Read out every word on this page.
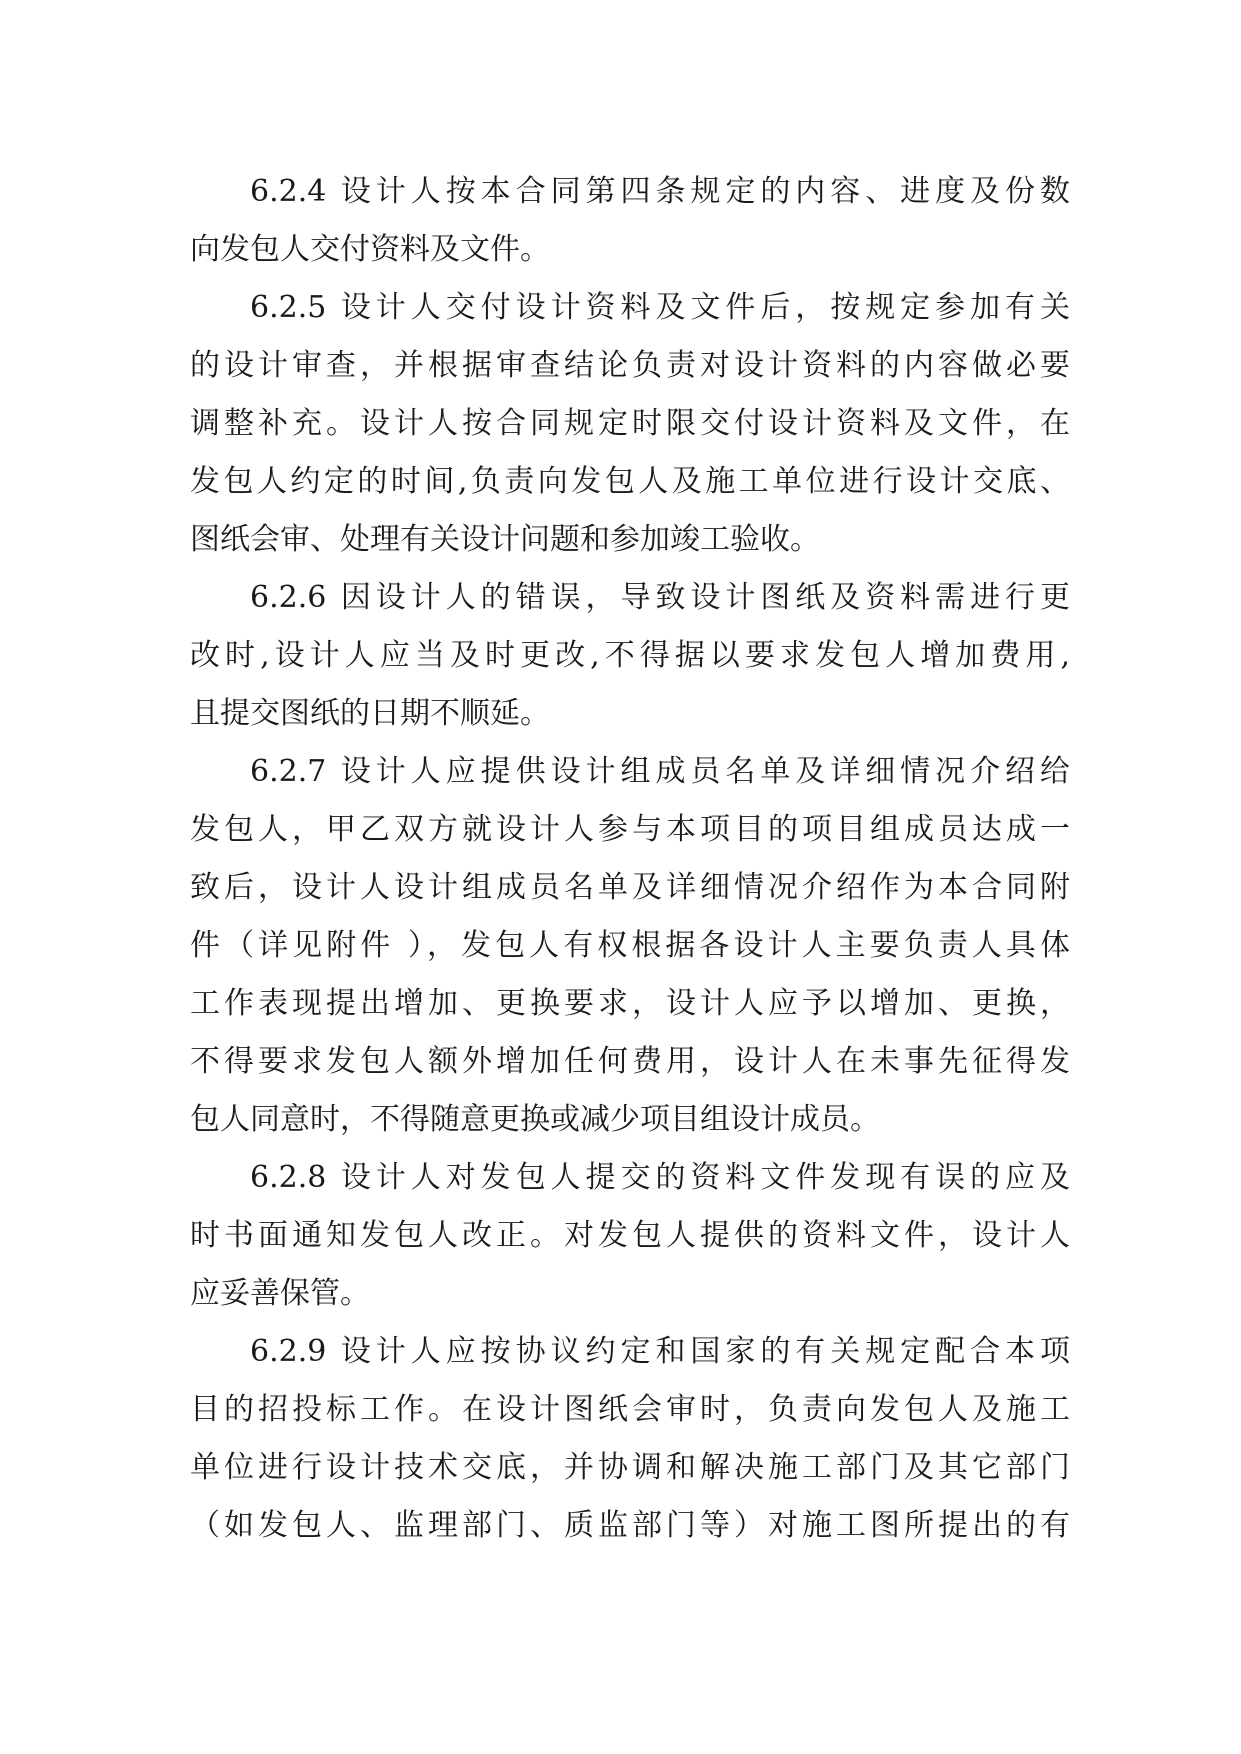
6.2.4 设计人按本合同第四条规定的内容、进度及份数
向发包人交付资料及文件。
6.2.5 设计人交付设计资料及文件后，按规定参加有关
的设计审查，并根据审查结论负责对设计资料的内容做必要
调整补充。设计人按合同规定时限交付设计资料及文件，在
发包人约定的时间,负责向发包人及施工单位进行设计交底、
图纸会审、处理有关设计问题和参加竣工验收。
6.2.6 因设计人的错误，导致设计图纸及资料需进行更
改时,设计人应当及时更改,不得据以要求发包人增加费用,
且提交图纸的日期不顺延。
6.2.7 设计人应提供设计组成员名单及详细情况介绍给
发包人，甲乙双方就设计人参与本项目的项目组成员达成一
致后，设计人设计组成员名单及详细情况介绍作为本合同附
件（详见附件 ），发包人有权根据各设计人主要负责人具体
工作表现提出增加、更换要求，设计人应予以增加、更换，
不得要求发包人额外增加任何费用，设计人在未事先征得发
包人同意时，不得随意更换或减少项目组设计成员。
6.2.8 设计人对发包人提交的资料文件发现有误的应及
时书面通知发包人改正。对发包人提供的资料文件，设计人
应妥善保管。
6.2.9 设计人应按协议约定和国家的有关规定配合本项
目的招投标工作。在设计图纸会审时，负责向发包人及施工
单位进行设计技术交底，并协调和解决施工部门及其它部门
（如发包人、监理部门、质监部门等）对施工图所提出的有
